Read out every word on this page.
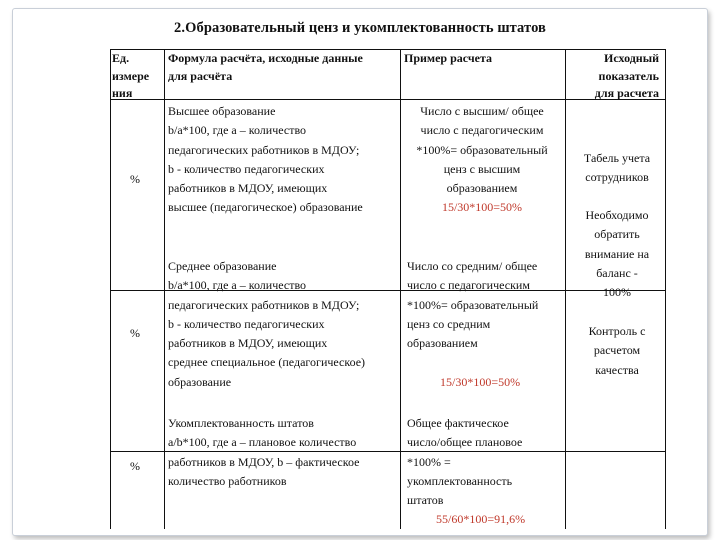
2.Образовательный ценз и укомплектованность штатов
Ед.
измере
ния
Формула расчёта, исходные данные
для расчёта
Пример расчета	Исходный
показатель
для расчета
%
Высшее образование
b/a*100, где a – количество
педагогических работников в МДОУ;
b - количество педагогических
работников в МДОУ, имеющих
высшее (педагогическое) образование
Число с высшим/ общее
число с педагогическим
*100%= образовательный
ценз с высшим
образованием
15/30*100=50%
%
Среднее образование
b/a*100, где a – количество
педагогических работников в МДОУ;
b - количество педагогических
работников в МДОУ, имеющих
среднее специальное (педагогическое)
образование
Число со средним/ общее
число с педагогическим
*100%= образовательный
ценз со средним
образованием
15/30*100=50%
%
Укомплектованность штатов
a/b*100, где a – плановое количество
работников в МДОУ, b – фактическое
количество работников
Общее фактическое
число/общее плановое
*100% =
укомплектованность
штатов
55/60*100=91,6%
Табель учета
сотрудников
Необходимо
обратить
внимание на
баланс -
100%
Контроль с
расчетом
качества
